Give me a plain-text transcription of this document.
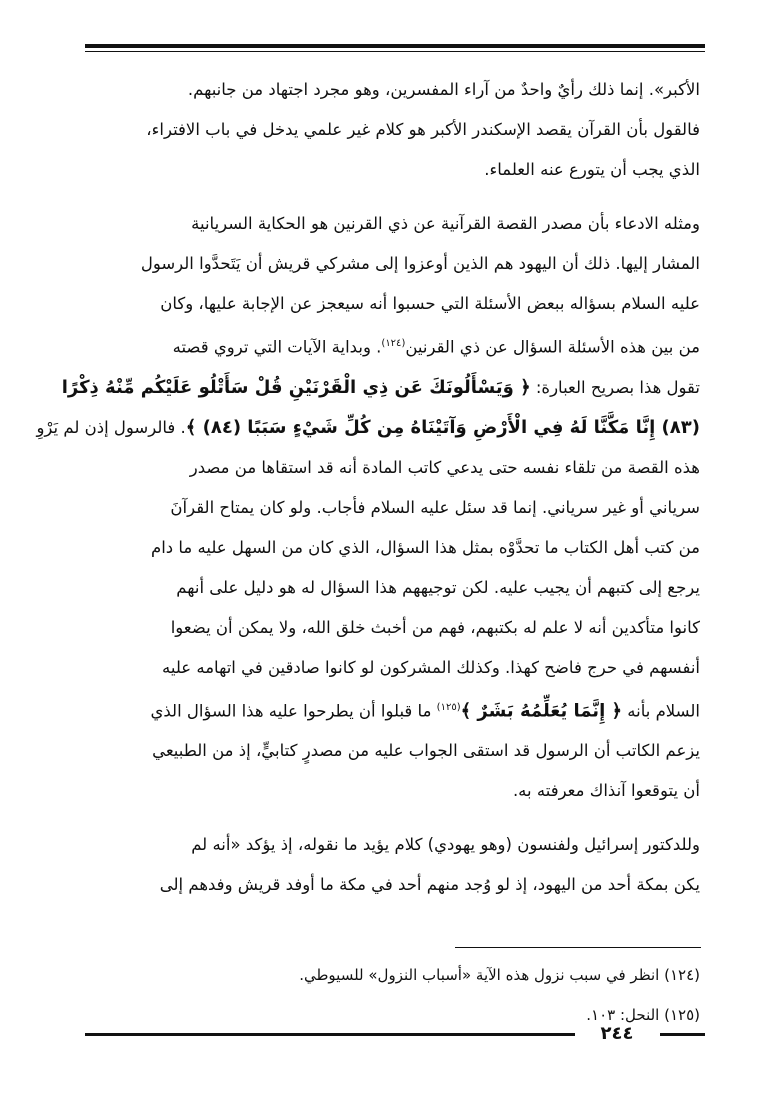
الأكبر». إنما ذلك رأيٌ واحدٌ من آراء المفسرين، وهو مجرد اجتهاد من جانبهم.
فالقول بأن القرآن يقصد الإسكندر الأكبر هو كلام غير علمي يدخل في باب الافتراء،
الذي يجب أن يتورع عنه العلماء.

ومثله الادعاء بأن مصدر القصة القرآنية عن ذي القرنين هو الحكاية السريانية
المشار إليها. ذلك أن اليهود هم الذين أوعزوا إلى مشركي قريش أن يَتَحدَّوا الرسول
عليه السلام بسؤاله ببعض الأسئلة التي حسبوا أنه سيعجز عن الإجابة عليها، وكان
من بين هذه الأسئلة السؤال عن ذي القرنين$^{(١٢٤)}$. وبداية الآيات التي تروي قصته
تقول هذا بصريح العبارة: ﴿ وَيَسْأَلُونَكَ عَن ذِي الْقَرْنَيْنِ قُلْ سَأَتْلُو عَلَيْكُم مِّنْهُ ذِكْرًا
(٨٣) إِنَّا مَكَّنَّا لَهُ فِي الْأَرْضِ وَآتَيْنَاهُ مِن كُلِّ شَيْءٍ سَبَبًا (٨٤) ﴾. فالرسول إذن لم يَرْوِ
هذه القصة من تلقاء نفسه حتى يدعي كاتب المادة أنه قد استقاها من مصدر
سرياني أو غير سرياني. إنما قد سئل عليه السلام فأجاب. ولو كان يمتاح القرآنَ
من كتب أهل الكتاب ما تحدَّوْه بمثل هذا السؤال، الذي كان من السهل عليه ما دام
يرجع إلى كتبهم أن يجيب عليه. لكن توجيههم هذا السؤال له هو دليل على أنهم
كانوا متأكدين أنه لا علم له بكتبهم، فهم من أخبث خلق الله، ولا يمكن أن يضعوا
أنفسهم في حرج فاضح كهذا. وكذلك المشركون لو كانوا صادقين في اتهامه عليه
السلام بأنه ﴿ إِنَّمَا يُعَلِّمُهُ بَشَرٌ ﴾$^{(١٢٥)}$ ما قبلوا أن يطرحوا عليه هذا السؤال الذي
يزعم الكاتب أن الرسول قد استقى الجواب عليه من مصدرٍ كتابيٍّ، إذ من الطبيعي
أن يتوقعوا آنذاك معرفته به.

وللدكتور إسرائيل ولفنسون (وهو يهودي) كلام يؤيد ما نقوله، إذ يؤكد «أنه لم
يكن بمكة أحد من اليهود، إذ لو وُجد منهم أحد في مكة ما أوفد قريش وفدهم إلى

(١٢٤) انظر في سبب نزول هذه الآية «أسباب النزول» للسيوطي.
(١٢٥) النحل: ١٠٣.
٢٤٤
